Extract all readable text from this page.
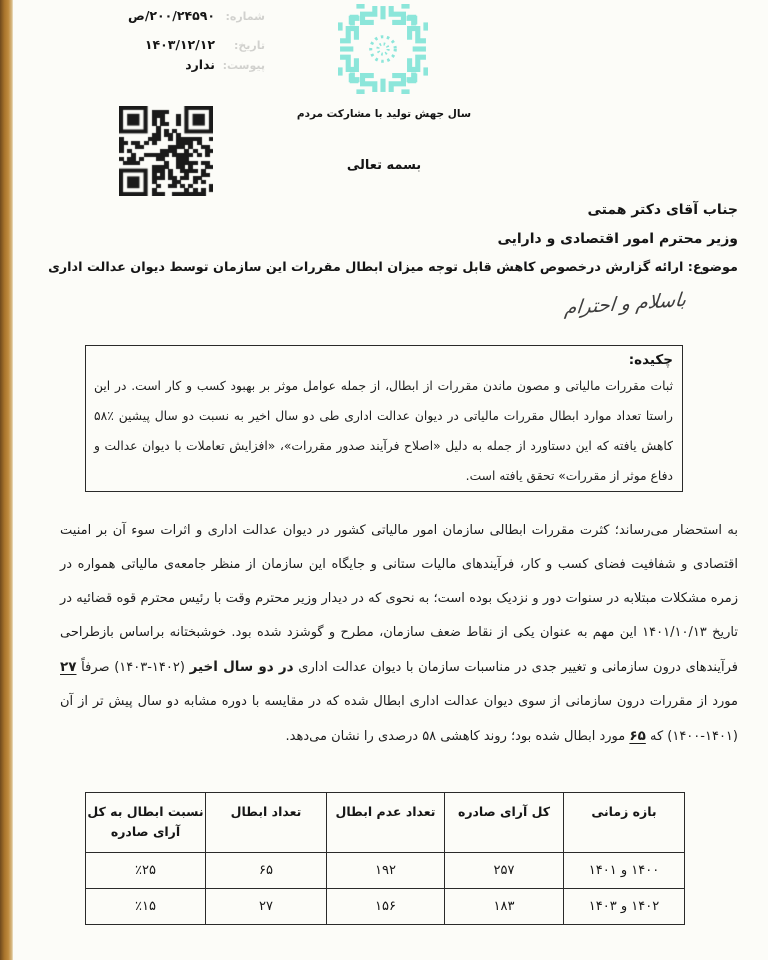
شماره:
۲۰۰/۲۴۵۹۰/ص
تاریخ:
۱۴۰۳/۱۲/۱۲
پیوست:
ندارد
سال جهش تولید با مشارکت مردم
بسمه تعالی
جناب آقای دکتر همتی
وزیر محترم امور اقتصادی و دارایی
موضوع: ارائه گزارش درخصوص کاهش قابل توجه میزان ابطال مقررات این سازمان توسط دیوان عدالت اداری
باسلام و احترام
چکیده:
ثبات مقررات مالیاتی و مصون ماندن مقررات از ابطال، از جمله عوامل موثر بر بهبود کسب و کار است. در این راستا تعداد موارد ابطال مقررات مالیاتی در دیوان عدالت اداری طی دو سال اخیر به نسبت دو سال پیشین ٪۵۸ کاهش یافته که این دستاورد از جمله به دلیل «اصلاح فرآیند صدور مقررات»، «افزایش تعاملات با دیوان عدالت و دفاع موثر از مقررات» تحقق یافته است.
به استحضار می‌رساند؛ کثرت مقررات ابطالی سازمان امور مالیاتی کشور در دیوان عدالت اداری و اثرات سوء آن بر امنیت اقتصادی و شفافیت فضای کسب و کار، فرآیندهای مالیات ستانی و جایگاه این سازمان از منظر جامعه‌ی مالیاتی همواره در زمره مشکلات مبتلابه در سنوات دور و نزدیک بوده است؛ به نحوی که در دیدار وزیر محترم وقت با رئیس محترم قوه قضائیه در تاریخ ۱۴۰۱/۱۰/۱۳ این مهم به عنوان یکی از نقاط ضعف سازمان، مطرح و گوشزد شده بود. خوشبختانه براساس بازطراحی فرآیندهای درون سازمانی و تغییر جدی در مناسبات سازمان با دیوان عدالت اداری در دو سال اخیر (۱۴۰۲-۱۴۰۳) صرفاً ۲۷ مورد از مقررات درون سازمانی از سوی دیوان عدالت اداری ابطال شده که در مقایسه با دوره مشابه دو سال پیش تر از آن (۱۴۰۱-۱۴۰۰) که ۶۵ مورد ابطال شده بود؛ روند کاهشی ۵۸ درصدی را نشان می‌دهد.
بازه زمانی	کل آرای صادره	تعداد عدم ابطال	تعداد ابطال	نسبت ابطال به کل آرای صادره
۱۴۰۰ و ۱۴۰۱	۲۵۷	۱۹۲	۶۵	٪۲۵
۱۴۰۲ و ۱۴۰۳	۱۸۳	۱۵۶	۲۷	٪۱۵
